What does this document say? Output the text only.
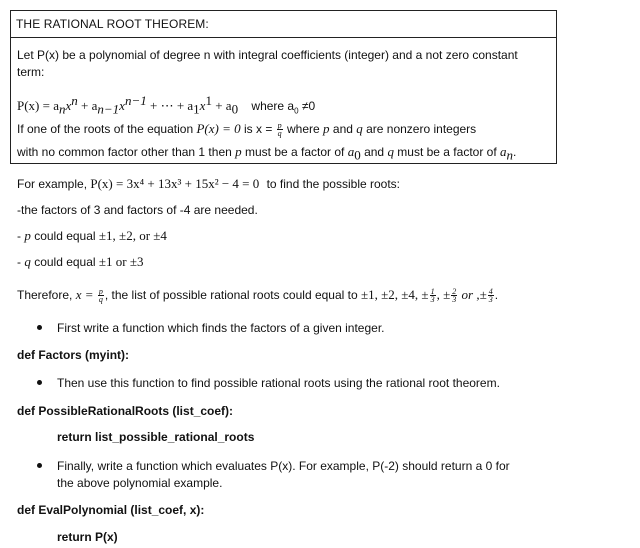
THE RATIONAL ROOT THEOREM:
Let P(x) be a polynomial of degree n with integral coefficients (integer) and a not zero constant
term:
$P(x) = a_nx^n + a_{n-1}x^{n-1}$ + ⋯ + $a_1x^1 + a_0$ where $a_0 \ne 0$
If one of the roots of the equation P(x) = 0 is $x = \frac{p}{q}$ where p and q are nonzero integers
with no common factor other than 1 then p must be a factor of $a_0$ and q must be a factor of $a_n$.
For example, P(x) = 3x⁴ + 13x³ + 15x² − 4 = 0 to find the possible roots:
-the factors of 3 and factors of -4 are needed.
- p could equal ±1, ±2, or ±4
- q could equal ±1 or ±3
Therefore, $x = \frac{p}{q}$ , the list of possible rational roots could equal to ±1, ±2, ±4, ± $\frac{1}{3}$ , ± $\frac{2}{3}$ or ,± $\frac{4}{3}$ .
First write a function which finds the factors of a given integer.
def Factors (myint):
Then use this function to find possible rational roots using the rational root theorem.
def PossibleRationalRoots (list_coef):
return list_possible_rational_roots
Finally, write a function which evaluates P(x). For example, P(-2) should return a 0 for
the above polynomial example.
def EvalPolynomial (list_coef, x):
return P(x)
